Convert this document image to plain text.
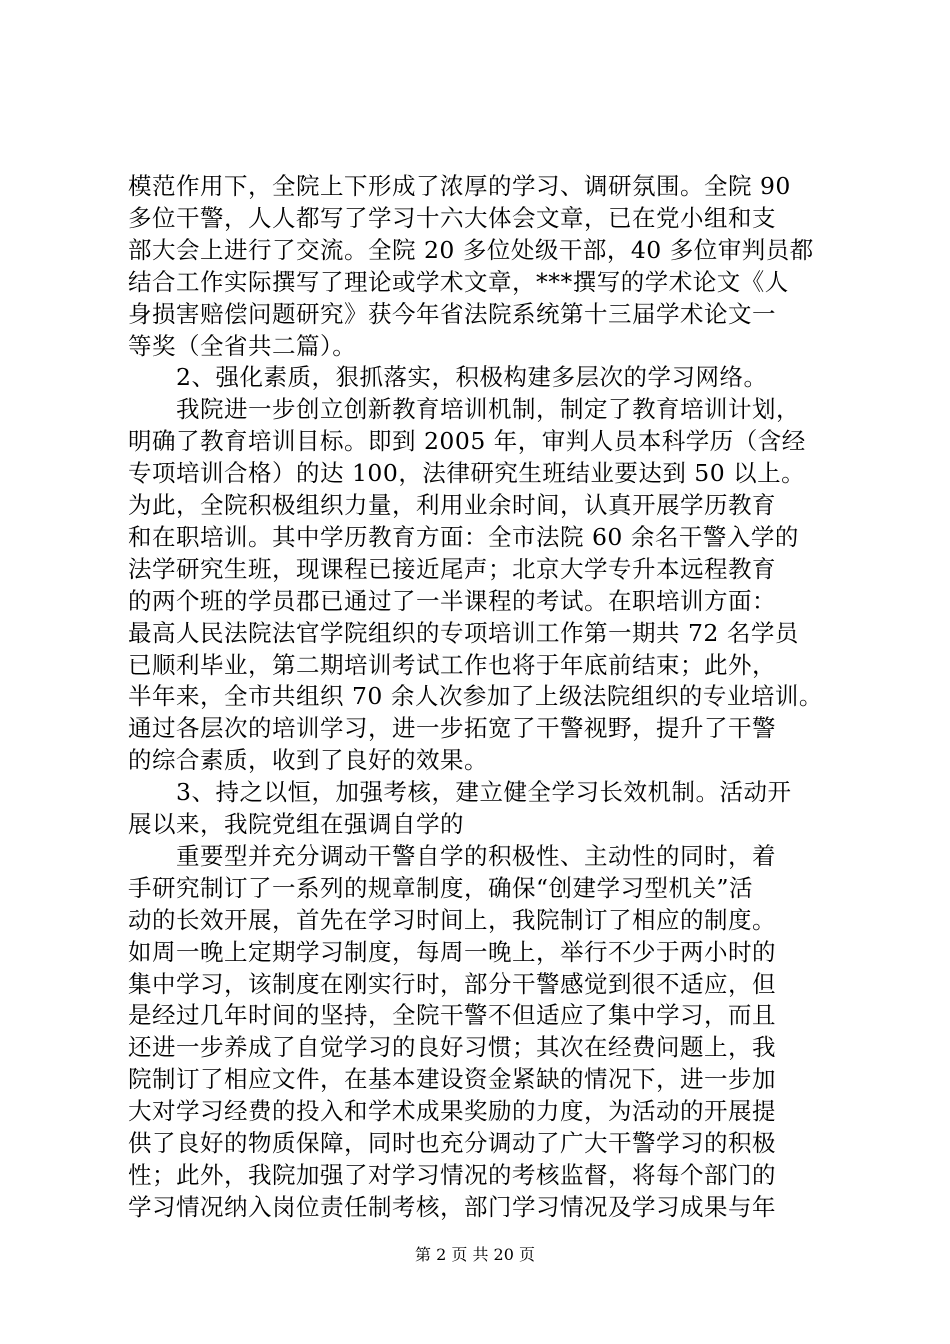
模范作用下，全院上下形成了浓厚的学习、调研氛围。全院 90
多位干警，人人都写了学习十六大体会文章，已在党小组和支
部大会上进行了交流。全院 20 多位处级干部，40 多位审判员都
结合工作实际撰写了理论或学术文章，***撰写的学术论文《人
身损害赔偿问题研究》获今年省法院系统第十三届学术论文一
等奖（全省共二篇）。
　　2、强化素质，狠抓落实，积极构建多层次的学习网络。
　　我院进一步创立创新教育培训机制，制定了教育培训计划，
明确了教育培训目标。即到 2005 年，审判人员本科学历（含经
专项培训合格）的达 100，法律研究生班结业要达到 50 以上。
为此，全院积极组织力量，利用业余时间，认真开展学历教育
和在职培训。其中学历教育方面：全市法院 60 余名干警入学的
法学研究生班，现课程已接近尾声；北京大学专升本远程教育
的两个班的学员郡已通过了一半课程的考试。在职培训方面：
最高人民法院法官学院组织的专项培训工作第一期共 72 名学员
已顺利毕业，第二期培训考试工作也将于年底前结束；此外，
半年来，全市共组织 70 余人次参加了上级法院组织的专业培训。
通过各层次的培训学习，进一步拓宽了干警视野，提升了干警
的综合素质，收到了良好的效果。
　　3、持之以恒，加强考核，建立健全学习长效机制。活动开
展以来，我院党组在强调自学的
　　重要型并充分调动干警自学的积极性、主动性的同时，着
手研究制订了一系列的规章制度，确保“创建学习型机关”活
动的长效开展，首先在学习时间上，我院制订了相应的制度。
如周一晚上定期学习制度，每周一晚上，举行不少于两小时的
集中学习，该制度在刚实行时，部分干警感觉到很不适应，但
是经过几年时间的坚持，全院干警不但适应了集中学习，而且
还进一步养成了自觉学习的良好习惯；其次在经费问题上，我
院制订了相应文件，在基本建设资金紧缺的情况下，进一步加
大对学习经费的投入和学术成果奖励的力度，为活动的开展提
供了良好的物质保障，同时也充分调动了广大干警学习的积极
性；此外，我院加强了对学习情况的考核监督，将每个部门的
学习情况纳入岗位责任制考核，部门学习情况及学习成果与年
第 2 页 共 20 页
